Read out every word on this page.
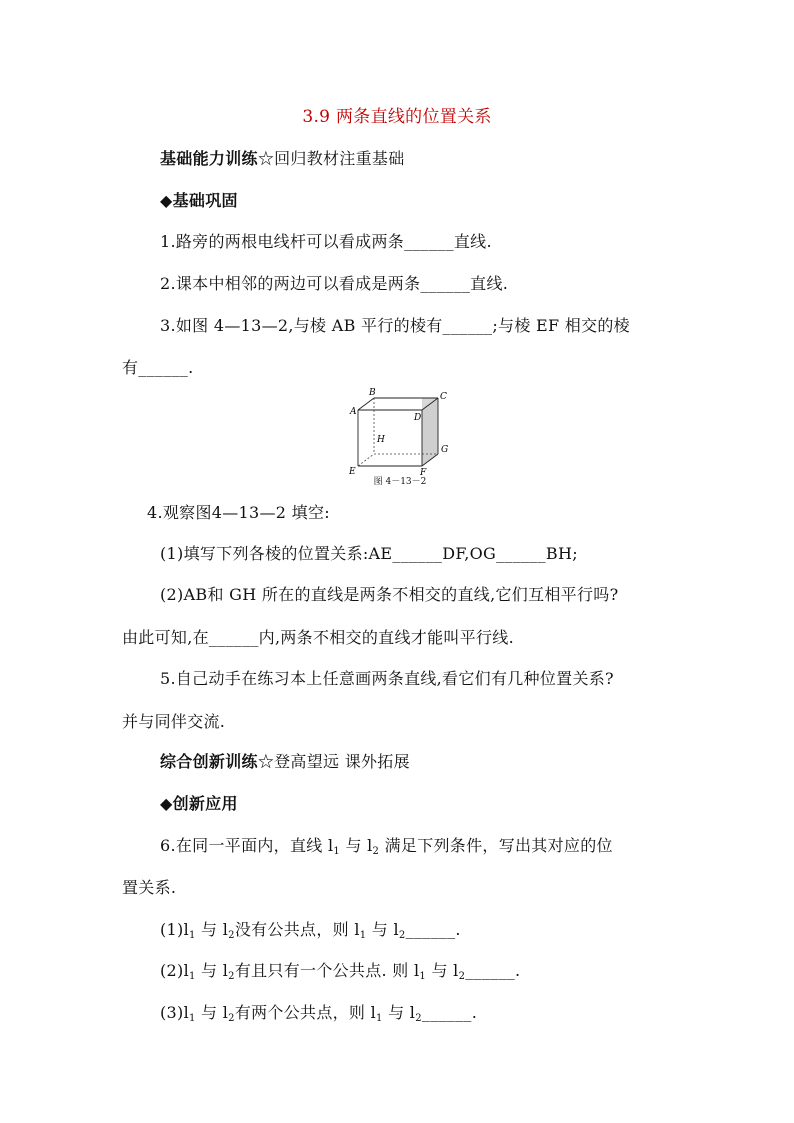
3.9 两条直线的位置关系
基础能力训练☆回归教材注重基础
◆基础巩固
1.路旁的两根电线杆可以看成两条______直线.
2.课本中相邻的两边可以看成是两条______直线.
3.如图 4—13—2,与棱 AB 平行的棱有______;与棱 EF 相交的棱
有______.
A
B	C
D
E	F
G
H
图 4－13－2
4.观察图4—13—2 填空:
(1)填写下列各棱的位置关系:AE______DF,OG______BH;
(2)AB和 GH 所在的直线是两条不相交的直线,它们互相平行吗?
由此可知,在______内,两条不相交的直线才能叫平行线.
5.自己动手在练习本上任意画两条直线,看它们有几种位置关系?
并与同伴交流.
综合创新训练☆登高望远 课外拓展
◆创新应用
6.在同一平面内，直线 $l_1$ 与 $l_2$ 满足下列条件，写出其对应的位
置关系.
$(1)l_1$ 与 $l_2$没有公共点，则 $l_1$ 与 $l_2\_\_\_\_\_\_$.
$(2)l_1$ 与 $l_2$有且只有一个公共点. 则 $l_1$ 与 $l_2\_\_\_\_\_\_$.
$(3)l_1$ 与 $l_2$有两个公共点，则 $l_1$ 与 $l_2\_\_\_\_\_\_$.
